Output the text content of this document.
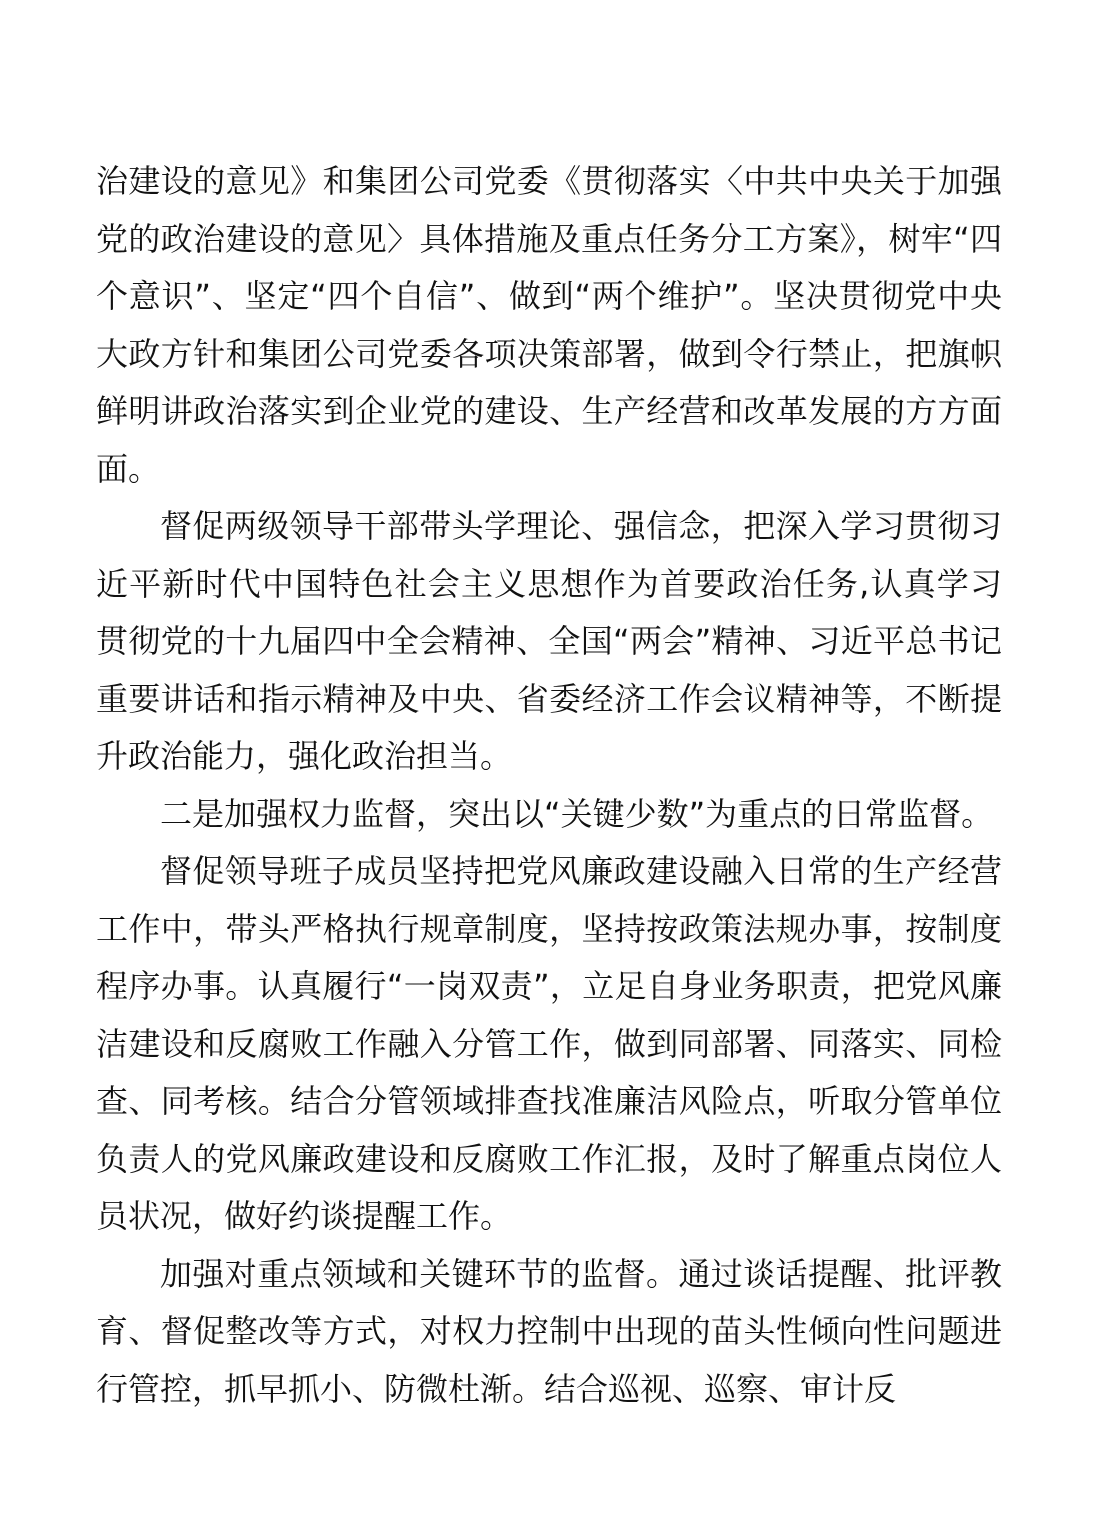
治建设的意见》和集团公司党委《贯彻落实〈中共中央关于加强党的政治建设的意见〉具体措施及重点任务分工方案》，树牢“四个意识”、坚定“四个自信”、做到“两个维护”。坚决贯彻党中央大政方针和集团公司党委各项决策部署，做到令行禁止，把旗帜鲜明讲政治落实到企业党的建设、生产经营和改革发展的方方面面。

督促两级领导干部带头学理论、强信念，把深入学习贯彻习近平新时代中国特色社会主义思想作为首要政治任务,认真学习贯彻党的十九届四中全会精神、全国“两会”精神、习近平总书记重要讲话和指示精神及中央、省委经济工作会议精神等，不断提升政治能力，强化政治担当。

二是加强权力监督，突出以“关键少数”为重点的日常监督。

督促领导班子成员坚持把党风廉政建设融入日常的生产经营工作中，带头严格执行规章制度，坚持按政策法规办事，按制度程序办事。认真履行“一岗双责”，立足自身业务职责，把党风廉洁建设和反腐败工作融入分管工作，做到同部署、同落实、同检查、同考核。结合分管领域排查找准廉洁风险点，听取分管单位负责人的党风廉政建设和反腐败工作汇报，及时了解重点岗位人员状况，做好约谈提醒工作。

加强对重点领域和关键环节的监督。通过谈话提醒、批评教育、督促整改等方式，对权力控制中出现的苗头性倾向性问题进行管控，抓早抓小、防微杜渐。结合巡视、巡察、审计反
